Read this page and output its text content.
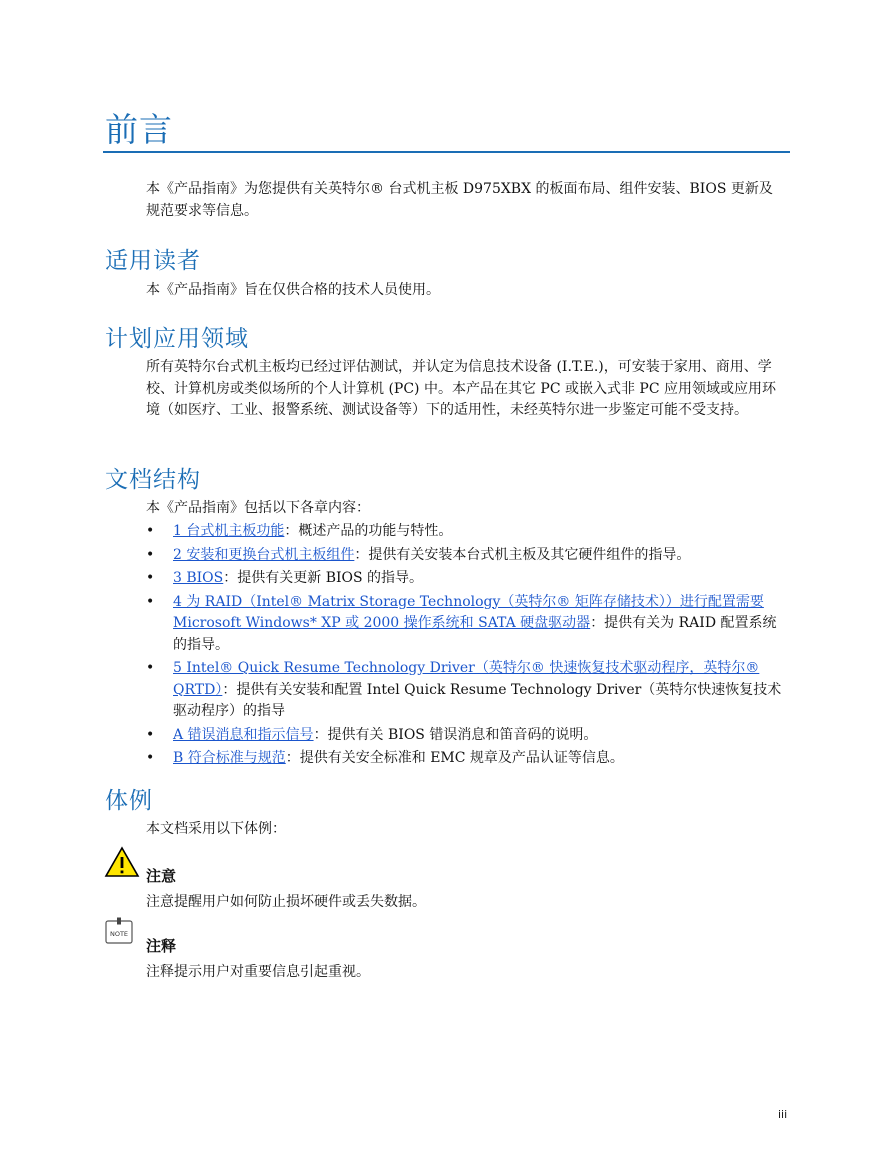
前言

本《产品指南》为您提供有关英特尔® 台式机主板 D975XBX 的板面布局、组件安装、BIOS 更新及规范要求等信息。

适用读者

本《产品指南》旨在仅供合格的技术人员使用。

计划应用领域

所有英特尔台式机主板均已经过评估测试，并认定为信息技术设备 (I.T.E.)，可安装于家用、商用、学校、计算机房或类似场所的个人计算机 (PC) 中。本产品在其它 PC 或嵌入式非 PC 应用领域或应用环境（如医疗、工业、报警系统、测试设备等）下的适用性，未经英特尔进一步鉴定可能不受支持。

文档结构

本《产品指南》包括以下各章内容：

• 1 台式机主板功能：概述产品的功能与特性。
• 2 安装和更换台式机主板组件：提供有关安装本台式机主板及其它硬件组件的指导。
• 3 BIOS：提供有关更新 BIOS 的指导。
• 4 为 RAID（Intel® Matrix Storage Technology（英特尔® 矩阵存储技术））进行配置需要 Microsoft Windows* XP 或 2000 操作系统和 SATA 硬盘驱动器：提供有关为 RAID 配置系统的指导。
• 5 Intel® Quick Resume Technology Driver（英特尔® 快速恢复技术驱动程序，英特尔® QRTD）：提供有关安装和配置 Intel Quick Resume Technology Driver（英特尔快速恢复技术驱动程序）的指导
• A 错误消息和指示信号：提供有关 BIOS 错误消息和笛音码的说明。
• B 符合标准与规范：提供有关安全标准和 EMC 规章及产品认证等信息。
体例

本文档采用以下体例：

注意

注意提醒用户如何防止损坏硬件或丢失数据。

NOTE
注释

注释提示用户对重要信息引起重视。

iii
